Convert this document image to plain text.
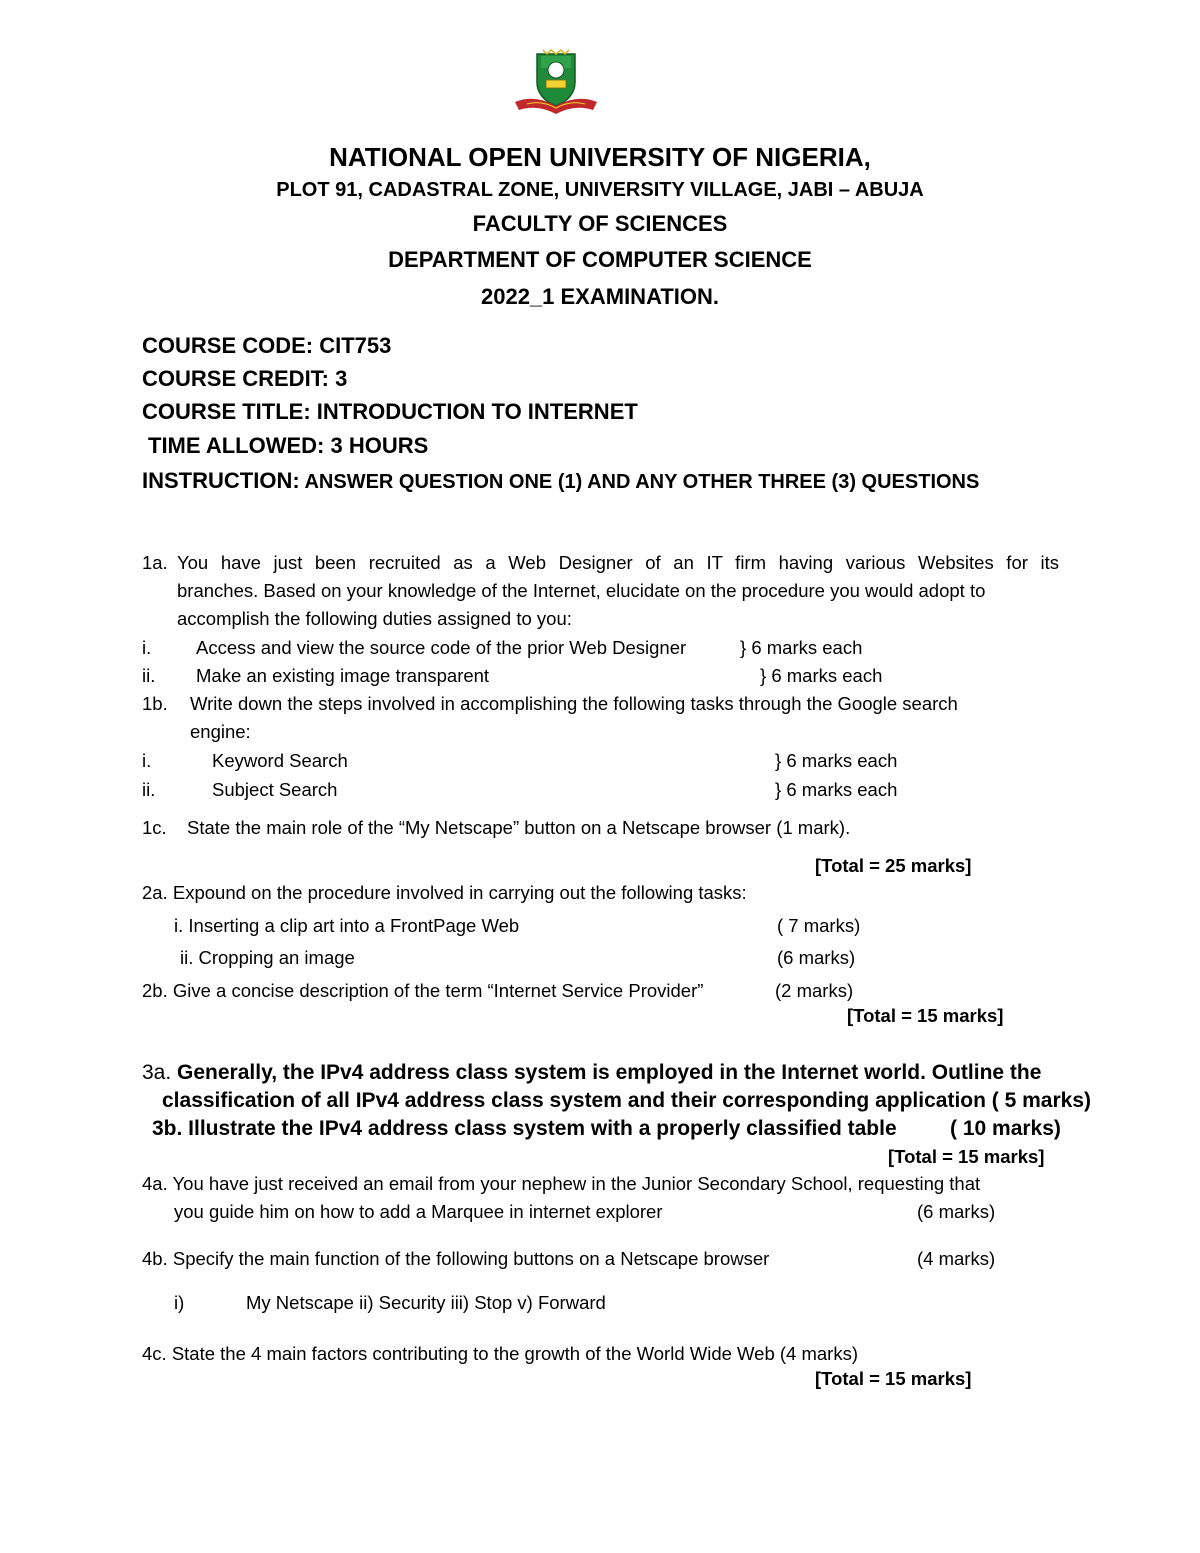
NATIONAL OPEN UNIVERSITY OF NIGERIA,
PLOT 91, CADASTRAL ZONE, UNIVERSITY VILLAGE, JABI – ABUJA
FACULTY OF SCIENCES
DEPARTMENT OF COMPUTER SCIENCE
2022_1 EXAMINATION.
COURSE CODE: CIT753
COURSE CREDIT: 3
COURSE TITLE: INTRODUCTION TO INTERNET
TIME ALLOWED: 3 HOURS
INSTRUCTION: ANSWER QUESTION ONE (1) AND ANY OTHER THREE (3) QUESTIONS
1a. You have just been recruited as a Web Designer of an IT firm having various Websites for its
branches. Based on your knowledge of the Internet, elucidate on the procedure you would adopt to
accomplish the following duties assigned to you:
i. Access and view the source code of the prior Web Designer	} 6 marks each
ii. Make an existing image transparent	} 6 marks each
1b. Write down the steps involved in accomplishing the following tasks through the Google search
engine:
i.	Keyword Search	} 6 marks each
ii.	Subject Search	} 6 marks each
1c. State the main role of the “My Netscape” button on a Netscape browser (1 mark).
[Total = 25 marks]
2a. Expound on the procedure involved in carrying out the following tasks:
i. Inserting a clip art into a FrontPage Web	( 7 marks)
ii. Cropping an image	(6 marks)
2b. Give a concise description of the term “Internet Service Provider”	(2 marks)
[Total = 15 marks]
3a. Generally, the IPv4 address class system is employed in the Internet world. Outline the
classification of all IPv4 address class system and their corresponding application ( 5 marks)
3b. Illustrate the IPv4 address class system with a properly classified table	( 10 marks)
[Total = 15 marks]
4a. You have just received an email from your nephew in the Junior Secondary School, requesting that
you guide him on how to add a Marquee in internet explorer	(6 marks)
4b. Specify the main function of the following buttons on a Netscape browser	(4 marks)
i)	My Netscape ii) Security iii) Stop v) Forward
4c. State the 4 main factors contributing to the growth of the World Wide Web (4 marks)
[Total = 15 marks]
